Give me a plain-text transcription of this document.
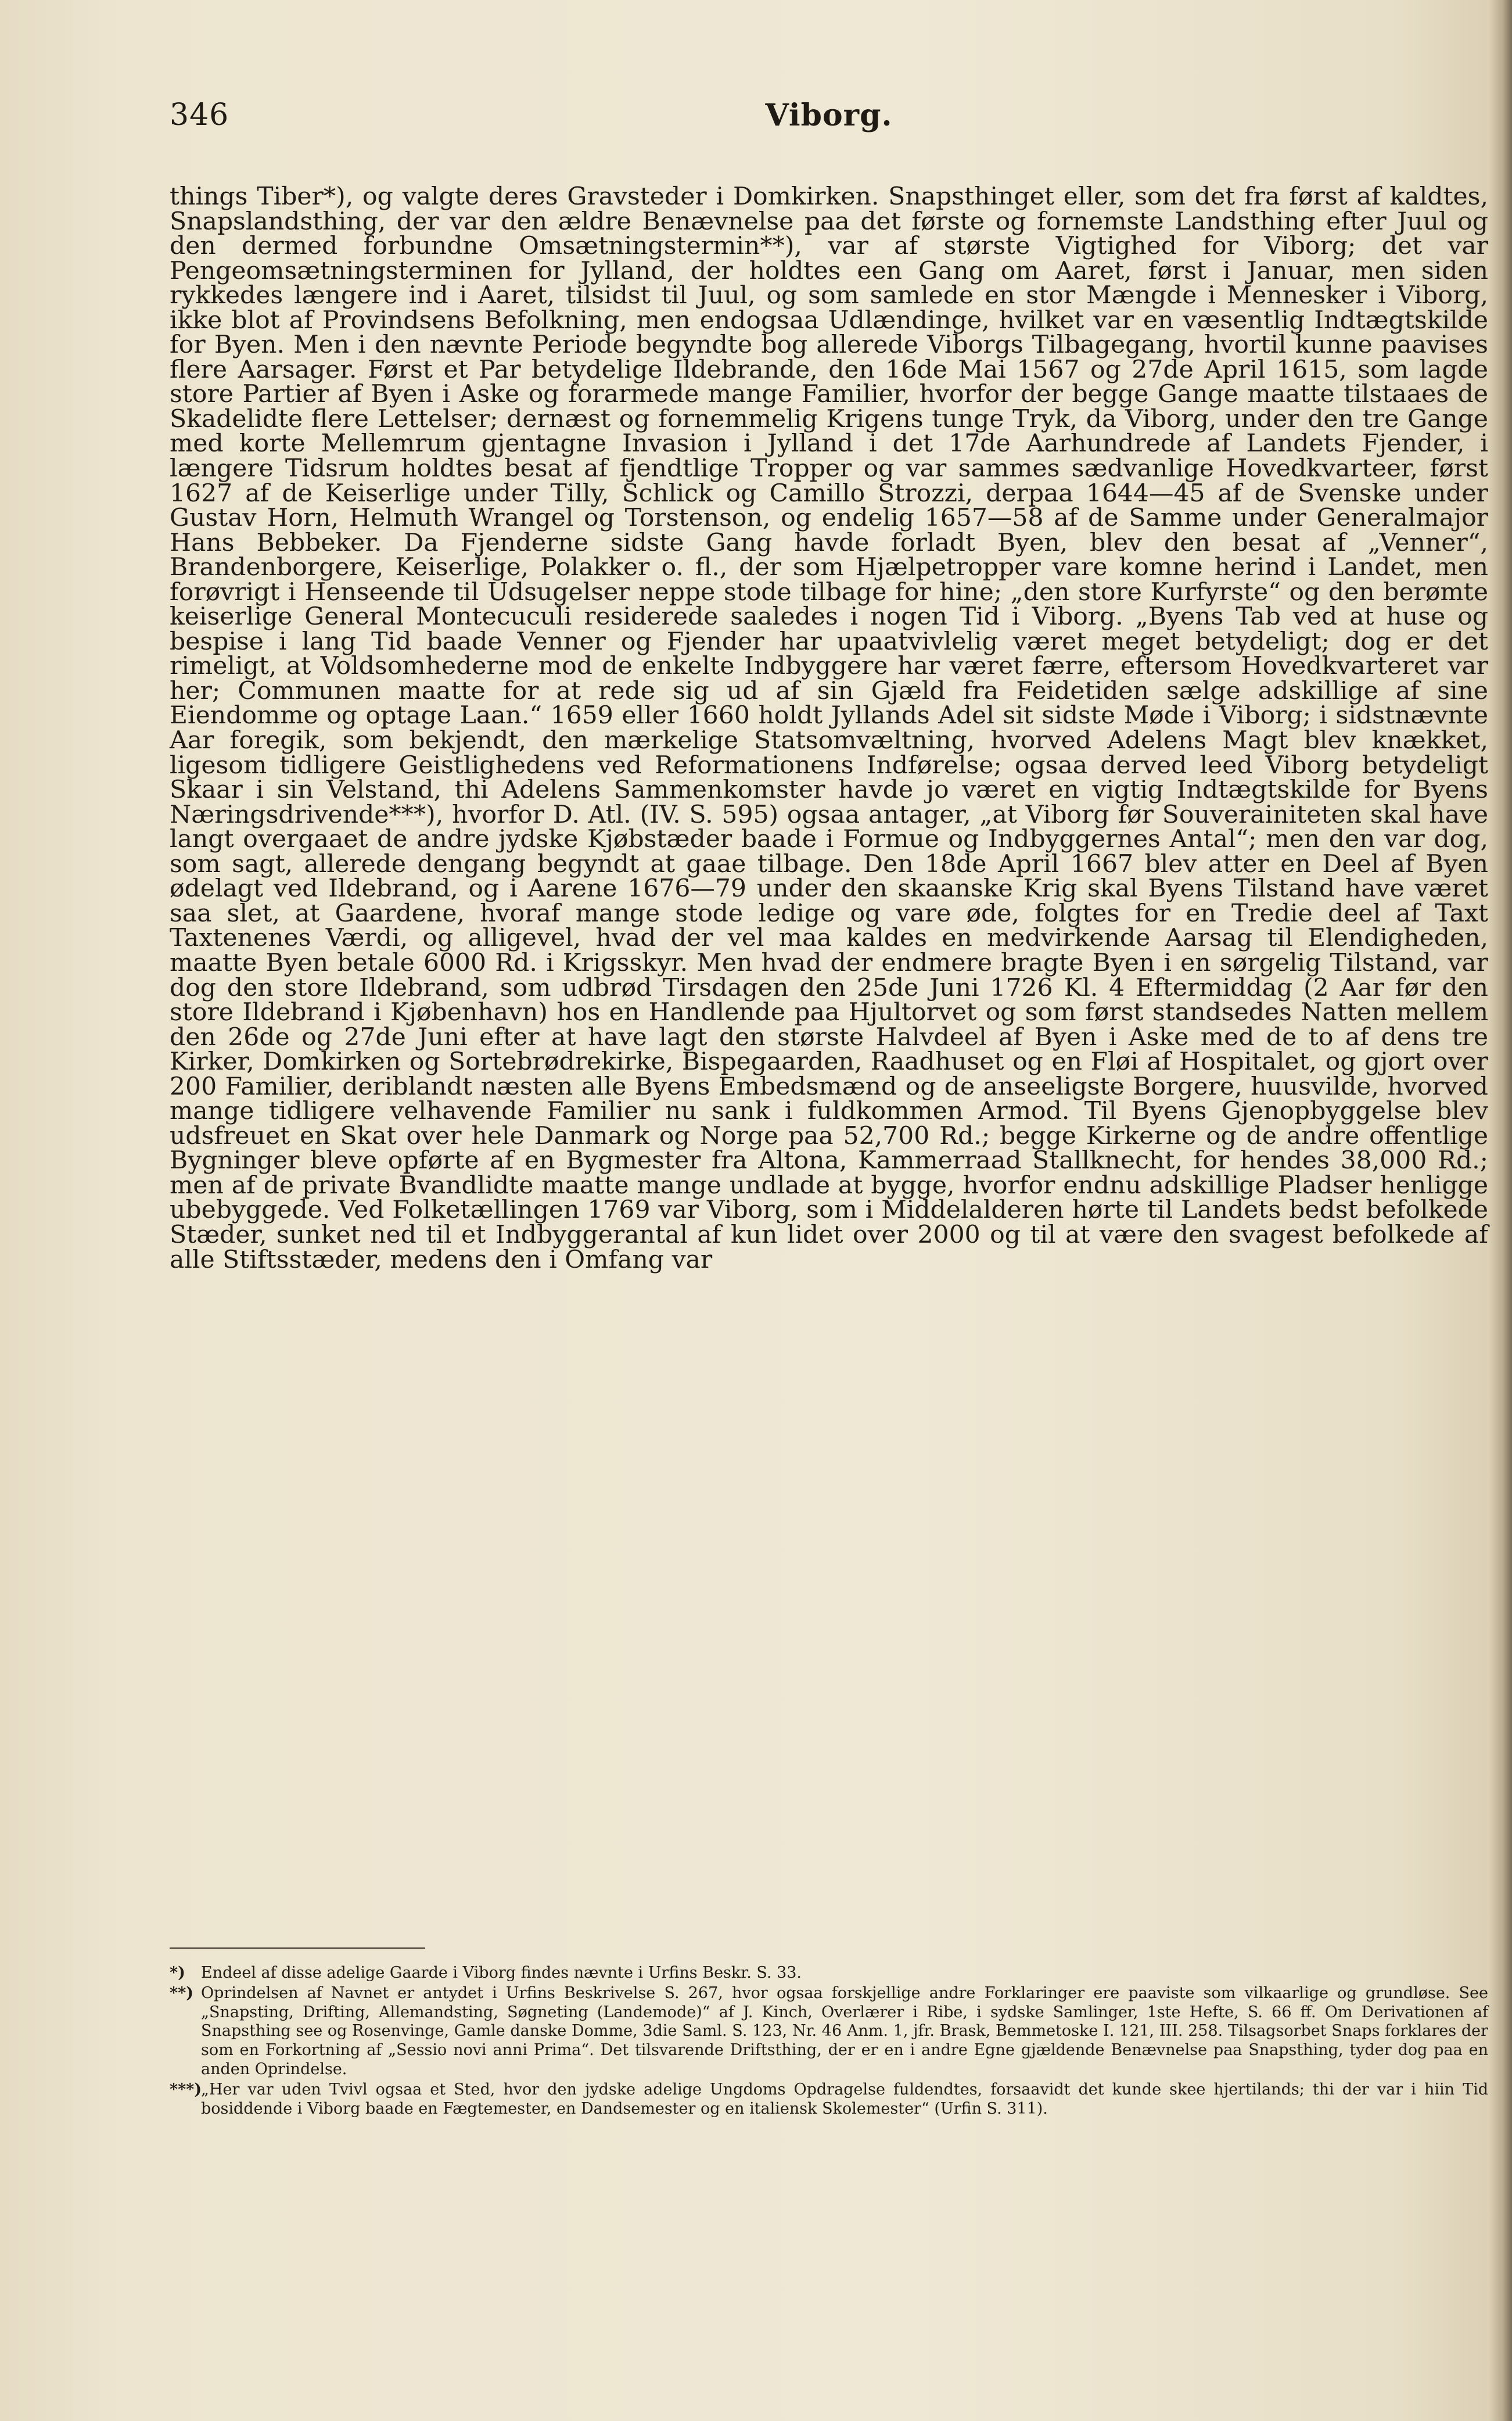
346	Viborg.

things Tiber*), og valgte deres Gravsteder i Domkirken. Snapsthinget eller, som det fra først af kaldtes, Snapslandsthing, der var den ældre Benævnelse paa det første og fornemste Landsthing efter Juul og den dermed forbundne Omsætningstermin**), var af største Vigtighed for Viborg; det var Pengeomsætningsterminen for Jylland, der holdtes een Gang om Aaret, først i Januar, men siden rykkedes længere ind i Aaret, tilsidst til Juul, og som samlede en stor Mængde i Mennesker i Viborg, ikke blot af Provindsens Befolkning, men endogsaa Udlændinge, hvilket var en væsentlig Indtægtskilde for Byen. Men i den nævnte Periode begyndte bog allerede Viborgs Tilbagegang, hvortil kunne paavises flere Aarsager. Først et Par betydelige Ildebrande, den 16de Mai 1567 og 27de April 1615, som lagde store Partier af Byen i Aske og forarmede mange Familier, hvorfor der begge Gange maatte tilstaaes de Skadelidte flere Lettelser; dernæst og fornemmelig Krigens tunge Tryk, da Viborg, under den tre Gange med korte Mellemrum gjentagne Invasion i Jylland i det 17de Aarhundrede af Landets Fjender, i længere Tidsrum holdtes besat af fjendtlige Tropper og var sammes sædvanlige Hovedkvarteer, først 1627 af de Keiserlige under Tilly, Schlick og Camillo Strozzi, derpaa 1644—45 af de Svenske under Gustav Horn, Helmuth Wrangel og Torstenson, og endelig 1657—58 af de Samme under Generalmajor Hans Bebbeker. Da Fjenderne sidste Gang havde forladt Byen, blev den besat af „Venner“, Brandenborgere, Keiserlige, Polakker o. fl., der som Hjælpetropper vare komne herind i Landet, men forøvrigt i Henseende til Udsugelser neppe stode tilbage for hine; „den store Kurfyrste“ og den berømte keiserlige General Montecuculi residerede saaledes i nogen Tid i Viborg. „Byens Tab ved at huse og bespise i lang Tid baade Venner og Fjender har upaatvivlelig været meget betydeligt; dog er det rimeligt, at Voldsomhederne mod de enkelte Indbyggere har været færre, eftersom Hovedkvarteret var her; Communen maatte for at rede sig ud af sin Gjæld fra Feidetiden sælge adskillige af sine Eiendomme og optage Laan.“ 1659 eller 1660 holdt Jyllands Adel sit sidste Møde i Viborg; i sidstnævnte Aar foregik, som bekjendt, den mærkelige Statsomvæltning, hvorved Adelens Magt blev knækket, ligesom tidligere Geistlighedens ved Reformationens Indførelse; ogsaa derved leed Viborg betydeligt Skaar i sin Velstand, thi Adelens Sammenkomster havde jo været en vigtig Indtægtskilde for Byens Næringsdrivende***), hvorfor D. Atl. (IV. S. 595) ogsaa antager, „at Viborg før Souverainiteten skal have langt overgaaet de andre jydske Kjøbstæder baade i Formue og Indbyggernes Antal“; men den var dog, som sagt, allerede dengang begyndt at gaae tilbage. Den 18de April 1667 blev atter en Deel af Byen ødelagt ved Ildebrand, og i Aarene 1676—79 under den skaanske Krig skal Byens Tilstand have været saa slet, at Gaardene, hvoraf mange stode ledige og vare øde, folgtes for en Tredie deel af Taxt Taxtenenes Værdi, og alligevel, hvad der vel maa kaldes en medvirkende Aarsag til Elendigheden, maatte Byen betale 6000 Rd. i Krigsskyr. Men hvad der endmere bragte Byen i en sørgelig Tilstand, var dog den store Ildebrand, som udbrød Tirsdagen den 25de Juni 1726 Kl. 4 Eftermiddag (2 Aar før den store Ildebrand i Kjøbenhavn) hos en Handlende paa Hjultorvet og som først standsedes Natten mellem den 26de og 27de Juni efter at have lagt den største Halvdeel af Byen i Aske med de to af dens tre Kirker, Domkirken og Sortebrødrekirke, Bispegaarden, Raadhuset og en Fløi af Hospitalet, og gjort over 200 Familier, deriblandt næsten alle Byens Embedsmænd og de anseeligste Borgere, huusvilde, hvorved mange tidligere velhavende Familier nu sank i fuldkommen Armod. Til Byens Gjenopbyggelse blev udsfreuet en Skat over hele Danmark og Norge paa 52,700 Rd.; begge Kirkerne og de andre offentlige Bygninger bleve opførte af en Bygmester fra Altona, Kammerraad Stallknecht, for hendes 38,000 Rd.; men af de private Bvandlidte maatte mange undlade at bygge, hvorfor endnu adskillige Pladser henligge ubebyggede. Ved Folketællingen 1769 var Viborg, som i Middelalderen hørte til Landets bedst befolkede Stæder, sunket ned til et Indbyggerantal af kun lidet over 2000 og til at være den svagest befolkede af alle Stiftsstæder, medens den i Omfang var

*) Endeel af disse adelige Gaarde i Viborg findes nævnte i Urfins Beskr. S. 33.

**) Oprindelsen af Navnet er antydet i Urfins Beskrivelse S. 267, hvor ogsaa forskjellige andre Forklaringer ere paaviste som vilkaarlige og grundløse. See „Snapsting, Drifting, Allemandsting, Søgneting (Landemode)“ af J. Kinch, Overlærer i Ribe, i sydske Samlinger, 1ste Hefte, S. 66 ff. Om Derivationen af Snapsthing see og Rosenvinge, Gamle danske Domme, 3die Saml. S. 123, Nr. 46 Anm. 1, jfr. Brask, Bemmetoske I. 121, III. 258. Tilsagsorbet Snaps forklares der som en Forkortning af „Sessio novi anni Prima“. Det tilsvarende Driftsthing, der er en i andre Egne gjældende Benævnelse paa Snapsthing, tyder dog paa en anden Oprindelse.

***)„Her var uden Tvivl ogsaa et Sted, hvor den jydske adelige Ungdoms Opdragelse fuldendtes, forsaavidt det kunde skee hjertilands; thi der var i hiin Tid bosiddende i Viborg baade en Fægtemester, en Dandsemester og en italiensk Skolemester“ (Urfin S. 311).
